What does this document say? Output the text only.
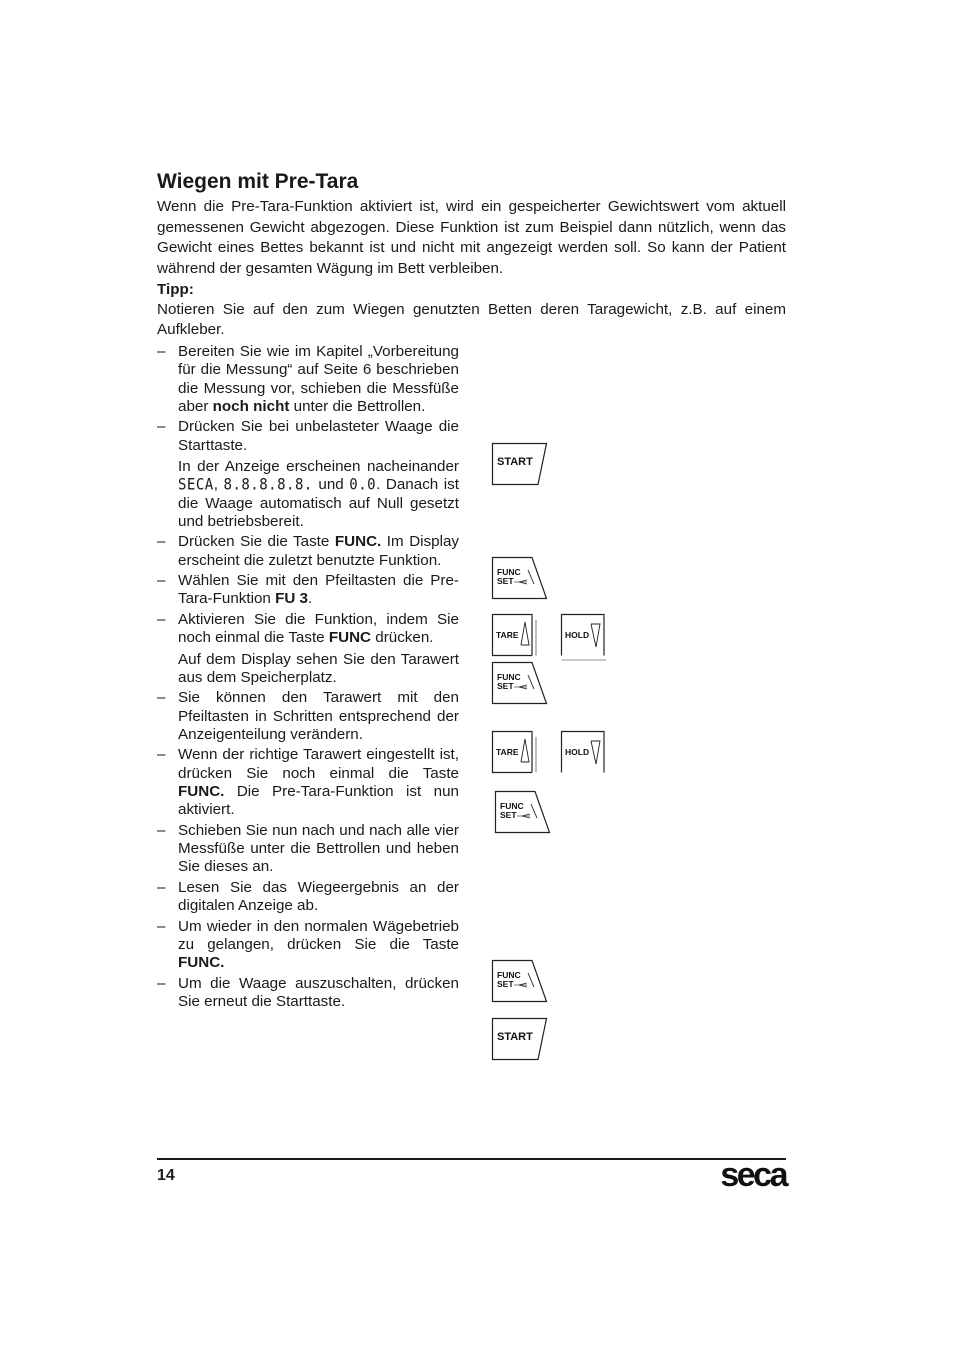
Wiegen mit Pre-Tara

Wenn die Pre-Tara-Funktion aktiviert ist, wird ein gespeicherter Gewichtswert vom aktuell gemessenen Gewicht abgezogen. Diese Funktion ist zum Beispiel dann nützlich, wenn das Gewicht eines Bettes bekannt ist und nicht mit angezeigt werden soll. So kann der Patient während der gesamten Wägung im Bett verbleiben.

Tipp:

Notieren Sie auf den zum Wiegen genutzten Betten deren Taragewicht, z.B. auf einem Aufkleber.

– Bereiten Sie wie im Kapitel „Vorbereitung für die Messung“ auf Seite 6 beschrieben die Messung vor, schieben die Messfüße aber noch nicht unter die Bettrollen.
– Drücken Sie bei unbelasteter Waage die Starttaste.

In der Anzeige erscheinen nacheinander SECA, 8.8.8.8.8. und 0.0. Danach ist die Waage automatisch auf Null gesetzt und betriebsbereit.

– Drücken Sie die Taste FUNC. Im Display erscheint die zuletzt benutzte Funktion.
– Wählen Sie mit den Pfeiltasten die Pre-Tara-Funktion FU 3.
– Aktivieren Sie die Funktion, indem Sie noch einmal die Taste FUNC drücken.

Auf dem Display sehen Sie den Tarawert aus dem Speicherplatz.

– Sie können den Tarawert mit den Pfeiltasten in Schritten entsprechend der Anzeigenteilung verändern.
– Wenn der richtige Tarawert eingestellt ist, drücken Sie noch einmal die Taste FUNC. Die Pre-Tara-Funktion ist nun aktiviert.
– Schieben Sie nun nach und nach alle vier Messfüße unter die Bettrollen und heben Sie dieses an.
– Lesen Sie das Wiegeergebnis an der digitalen Anzeige ab.
– Um wieder in den normalen Wägebetrieb zu gelangen, drücken Sie die Taste FUNC.
– Um die Waage auszuschalten, drücken Sie erneut die Starttaste.
START
FUNC
SET
TARE	HOLD
FUNC
SET
TARE	HOLD
FUNC
SET
FUNC
SET
START
14	seca
